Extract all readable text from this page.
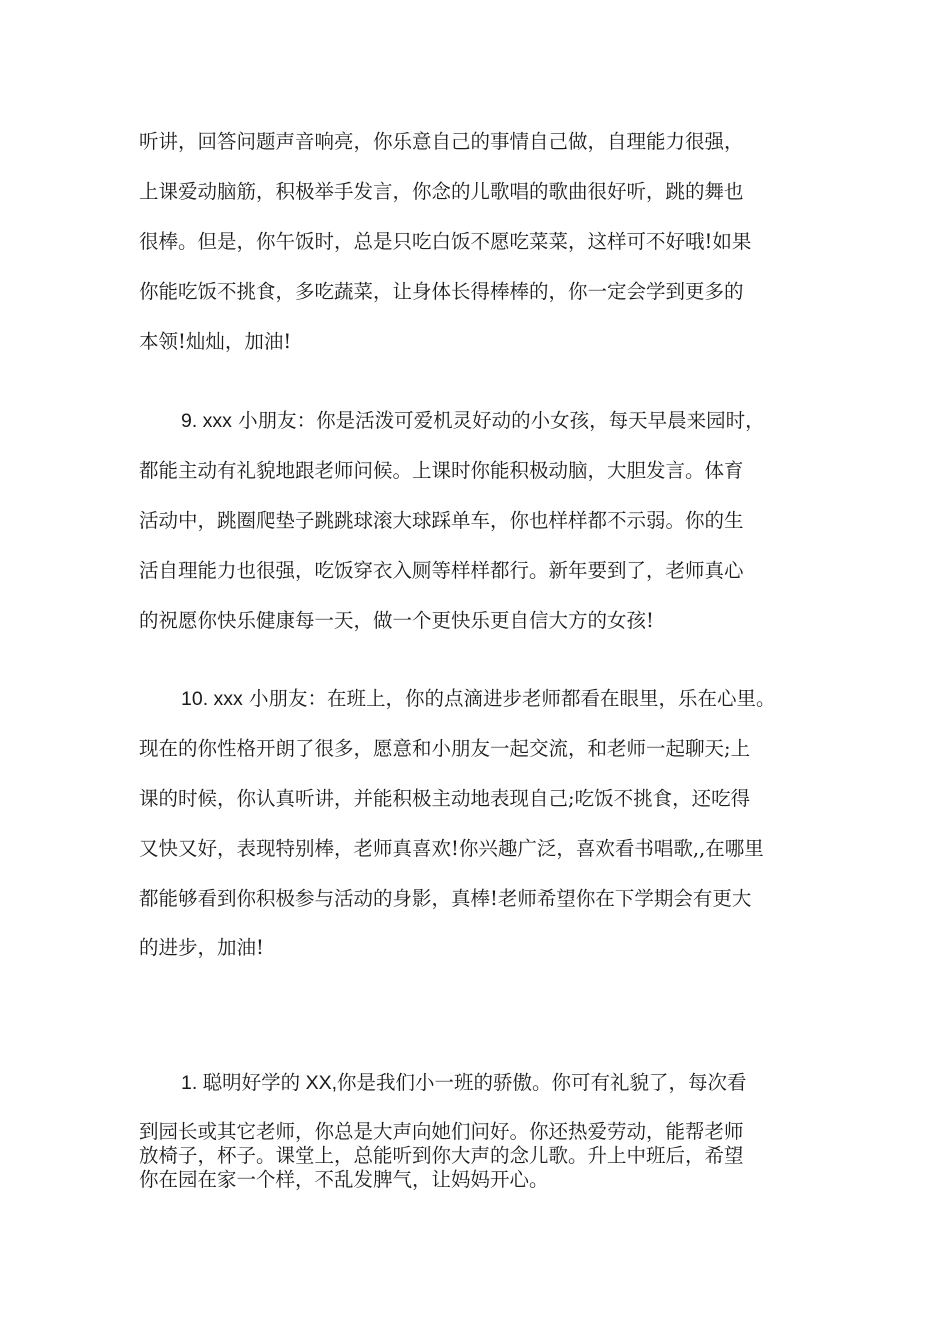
听讲，回答问题声音响亮，你乐意自己的事情自己做，自理能力很强，

上课爱动脑筋，积极举手发言，你念的儿歌唱的歌曲很好听，跳的舞也

很棒。但是，你午饭时，总是只吃白饭不愿吃菜菜，这样可不好哦!如果

你能吃饭不挑食，多吃蔬菜，让身体长得棒棒的，你一定会学到更多的

本领!灿灿，加油!

9. xxx 小朋友：你是活泼可爱机灵好动的小女孩，每天早晨来园时，

都能主动有礼貌地跟老师问候。上课时你能积极动脑，大胆发言。体育

活动中，跳圈爬垫子跳跳球滚大球踩单车，你也样样都不示弱。你的生

活自理能力也很强，吃饭穿衣入厕等样样都行。新年要到了，老师真心

的祝愿你快乐健康每一天，做一个更快乐更自信大方的女孩!

10. xxx 小朋友：在班上，你的点滴进步老师都看在眼里，乐在心里。

现在的你性格开朗了很多，愿意和小朋友一起交流，和老师一起聊天;上

课的时候，你认真听讲，并能积极主动地表现自己;吃饭不挑食，还吃得

又快又好，表现特别棒，老师真喜欢!你兴趣广泛，喜欢看书唱歌,,在哪里

都能够看到你积极参与活动的身影，真棒!老师希望你在下学期会有更大

的进步，加油!

1. 聪明好学的 XX,你是我们小一班的骄傲。你可有礼貌了，每次看

到园长或其它老师，你总是大声向她们问好。你还热爱劳动，能帮老师

放椅子，杯子。课堂上，总能听到你大声的念儿歌。升上中班后，希望

你在园在家一个样，不乱发脾气，让妈妈开心。
